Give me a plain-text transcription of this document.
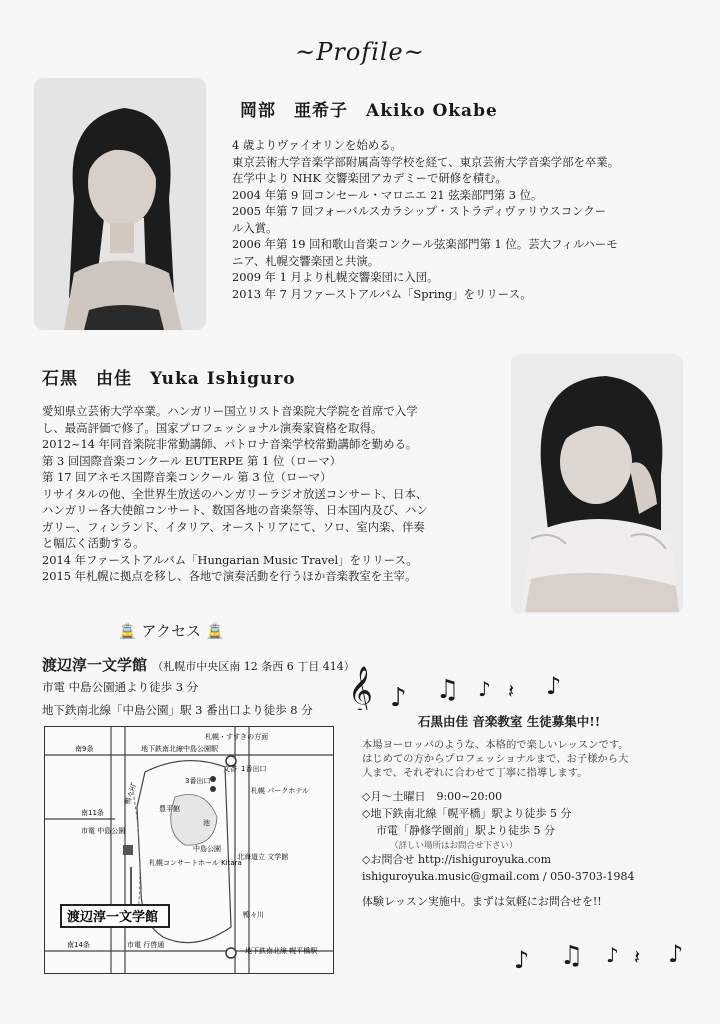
~Profile~
岡部　亜希子　Akiko Okabe

4 歳よりヴァイオリンを始める。

東京芸術大学音楽学部附属高等学校を経て、東京芸術大学音楽学部を卒業。

在学中より NHK 交響楽団アカデミーで研修を積む。

2004 年第 9 回コンセール・マロニエ 21 弦楽部門第 3 位。

2005 年第 7 回フォーバルスカラシップ・ストラディヴァリウスコンクー

ル入賞。

2006 年第 19 回和歌山音楽コンクール弦楽部門第 1 位。芸大フィルハーモ

ニア、札幌交響楽団と共演。

2009 年 1 月より札幌交響楽団に入団。

2013 年 7 月ファーストアルバム「Spring」をリリース。

石黒　由佳　Yuka Ishiguro

愛知県立芸術大学卒業。ハンガリー国立リスト音楽院大学院を首席で入学

し、最高評価で修了。国家プロフェッショナル演奏家資格を取得。

2012~14 年同音楽院非常勤講師、パトロナ音楽学校常勤講師を勤める。

第 3 回国際音楽コンクール EUTERPE 第 1 位（ローマ）

第 17 回アネモス国際音楽コンクール 第 3 位（ローマ）

リサイタルの他、全世界生放送のハンガリーラジオ放送コンサート、日本、

ハンガリー各大使館コンサート、数国各地の音楽祭等、日本国内及び、ハン

ガリー、フィンランド、イタリア、オーストリアにて、ソロ、室内楽、伴奏

と幅広く活動する。

2014 年ファーストアルバム「Hungarian Music Travel」をリリース。

2015 年札幌に拠点を移し、各地で演奏活動を行うほか音楽教室を主宰。

🚊 アクセス 🚊
渡辺淳一文学館 （札幌市中央区南 12 条西 6 丁目 414）
市電 中島公園通より徒歩 3 分
地下鉄南北線「中島公園」駅 3 番出口より徒歩 8 分
札幌・すすきの方面
地下鉄南北線中島公園駅
南9条
1番出口
文香
3番出口
鴨々川	札幌 パークホテル
豊平館
池
南11条
市電 中島公園
中島公園
札幌コンサートホール Kitara
北海道立 文学館
渡辺淳一文学館	鴨々川
南14条	市電 行啓通
地下鉄南北線 幌平橋駅
𝄞 ♪ ♫ ♪ 𝄽 ♪

石黒由佳 音楽教室 生徒募集中!!

本場ヨーロッパのような、本格的で楽しいレッスンです。

はじめての方からプロフェッショナルまで、お子様から大

人まで、それぞれに合わせて丁寧に指導します。

◇月〜土曜日　9:00~20:00

◇地下鉄南北線「幌平橋」駅より徒歩 5 分

市電「静修学園前」駅より徒歩 5 分

（詳しい場所はお問合せ下さい）

◇お問合せ http://ishiguroyuka.com

ishiguroyuka.music@gmail.com / 050-3703-1984

体験レッスン実施中。まずは気軽にお問合せを!!

♪ ♫ ♪ 𝄽 ♪
